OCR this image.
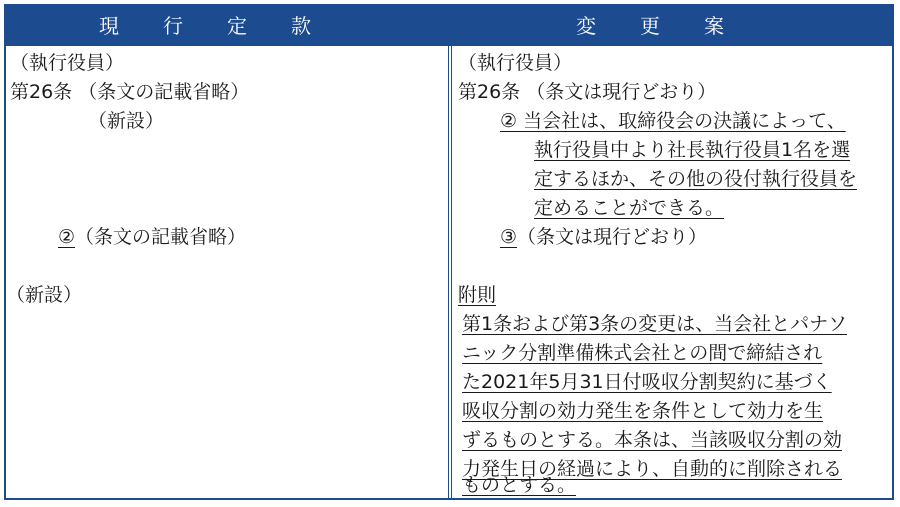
現行定款	変更案
（執行役員）
第26条 （条文の記載省略）
（新設）
②（条文の記載省略）
（新設）
（執行役員）
第26条 （条文は現行どおり）
② 当会社は、取締役会の決議によって、
執行役員中より社長執行役員1名を選
定するほか、その他の役付執行役員を
定めることができる。
③（条文は現行どおり）
附則
第1条および第3条の変更は、当会社とパナソ
ニック分割準備株式会社との間で締結され
た2021年5月31日付吸収分割契約に基づく
吸収分割の効力発生を条件として効力を生
ずるものとする。本条は、当該吸収分割の効
力発生日の経過により、自動的に削除される
ものとする。
